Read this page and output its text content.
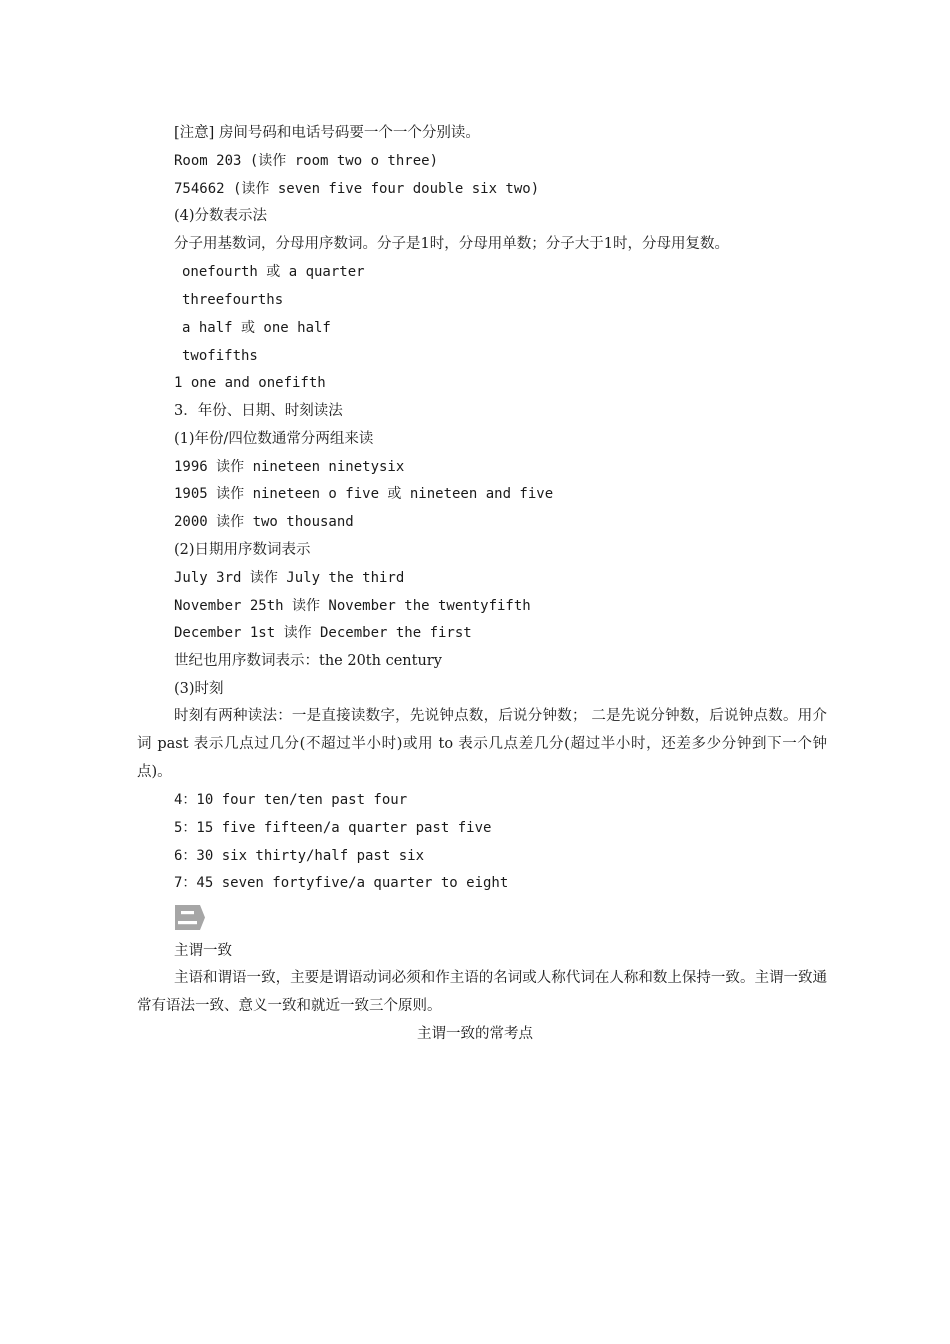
[注意] 房间号码和电话号码要一个一个分别读。
Room 203 (读作 room two o three)
754662 (读作 seven five four double six two)
(4)分数表示法
分子用基数词，分母用序数词。分子是1时，分母用单数；分子大于1时，分母用复数。
onefourth 或 a quarter
threefourths
a half 或 one half
twofifths
1 one and onefifth
3．年份、日期、时刻读法
(1)年份/四位数通常分两组来读
1996 读作 nineteen ninetysix
1905 读作 nineteen o five 或 nineteen and five
2000 读作 two thousand
(2)日期用序数词表示
July 3rd 读作 July the third
November 25th 读作 November the twentyfifth
December 1st 读作 December the first
世纪也用序数词表示：the 20th century
(3)时刻
时刻有两种读法：一是直接读数字，先说钟点数，后说分钟数； 二是先说分钟数，后说钟点数。用介词 past 表示几点过几分(不超过半小时)或用 to 表示几点差几分(超过半小时，还差多少分钟到下一个钟点)。
4：10 four ten/ten past four
5：15 five fifteen/a quarter past five
6：30 six thirty/half past six
7：45 seven fortyfive/a quarter to eight
主谓一致
主语和谓语一致，主要是谓语动词必须和作主语的名词或人称代词在人称和数上保持一致。主谓一致通常有语法一致、意义一致和就近一致三个原则。
主谓一致的常考点
